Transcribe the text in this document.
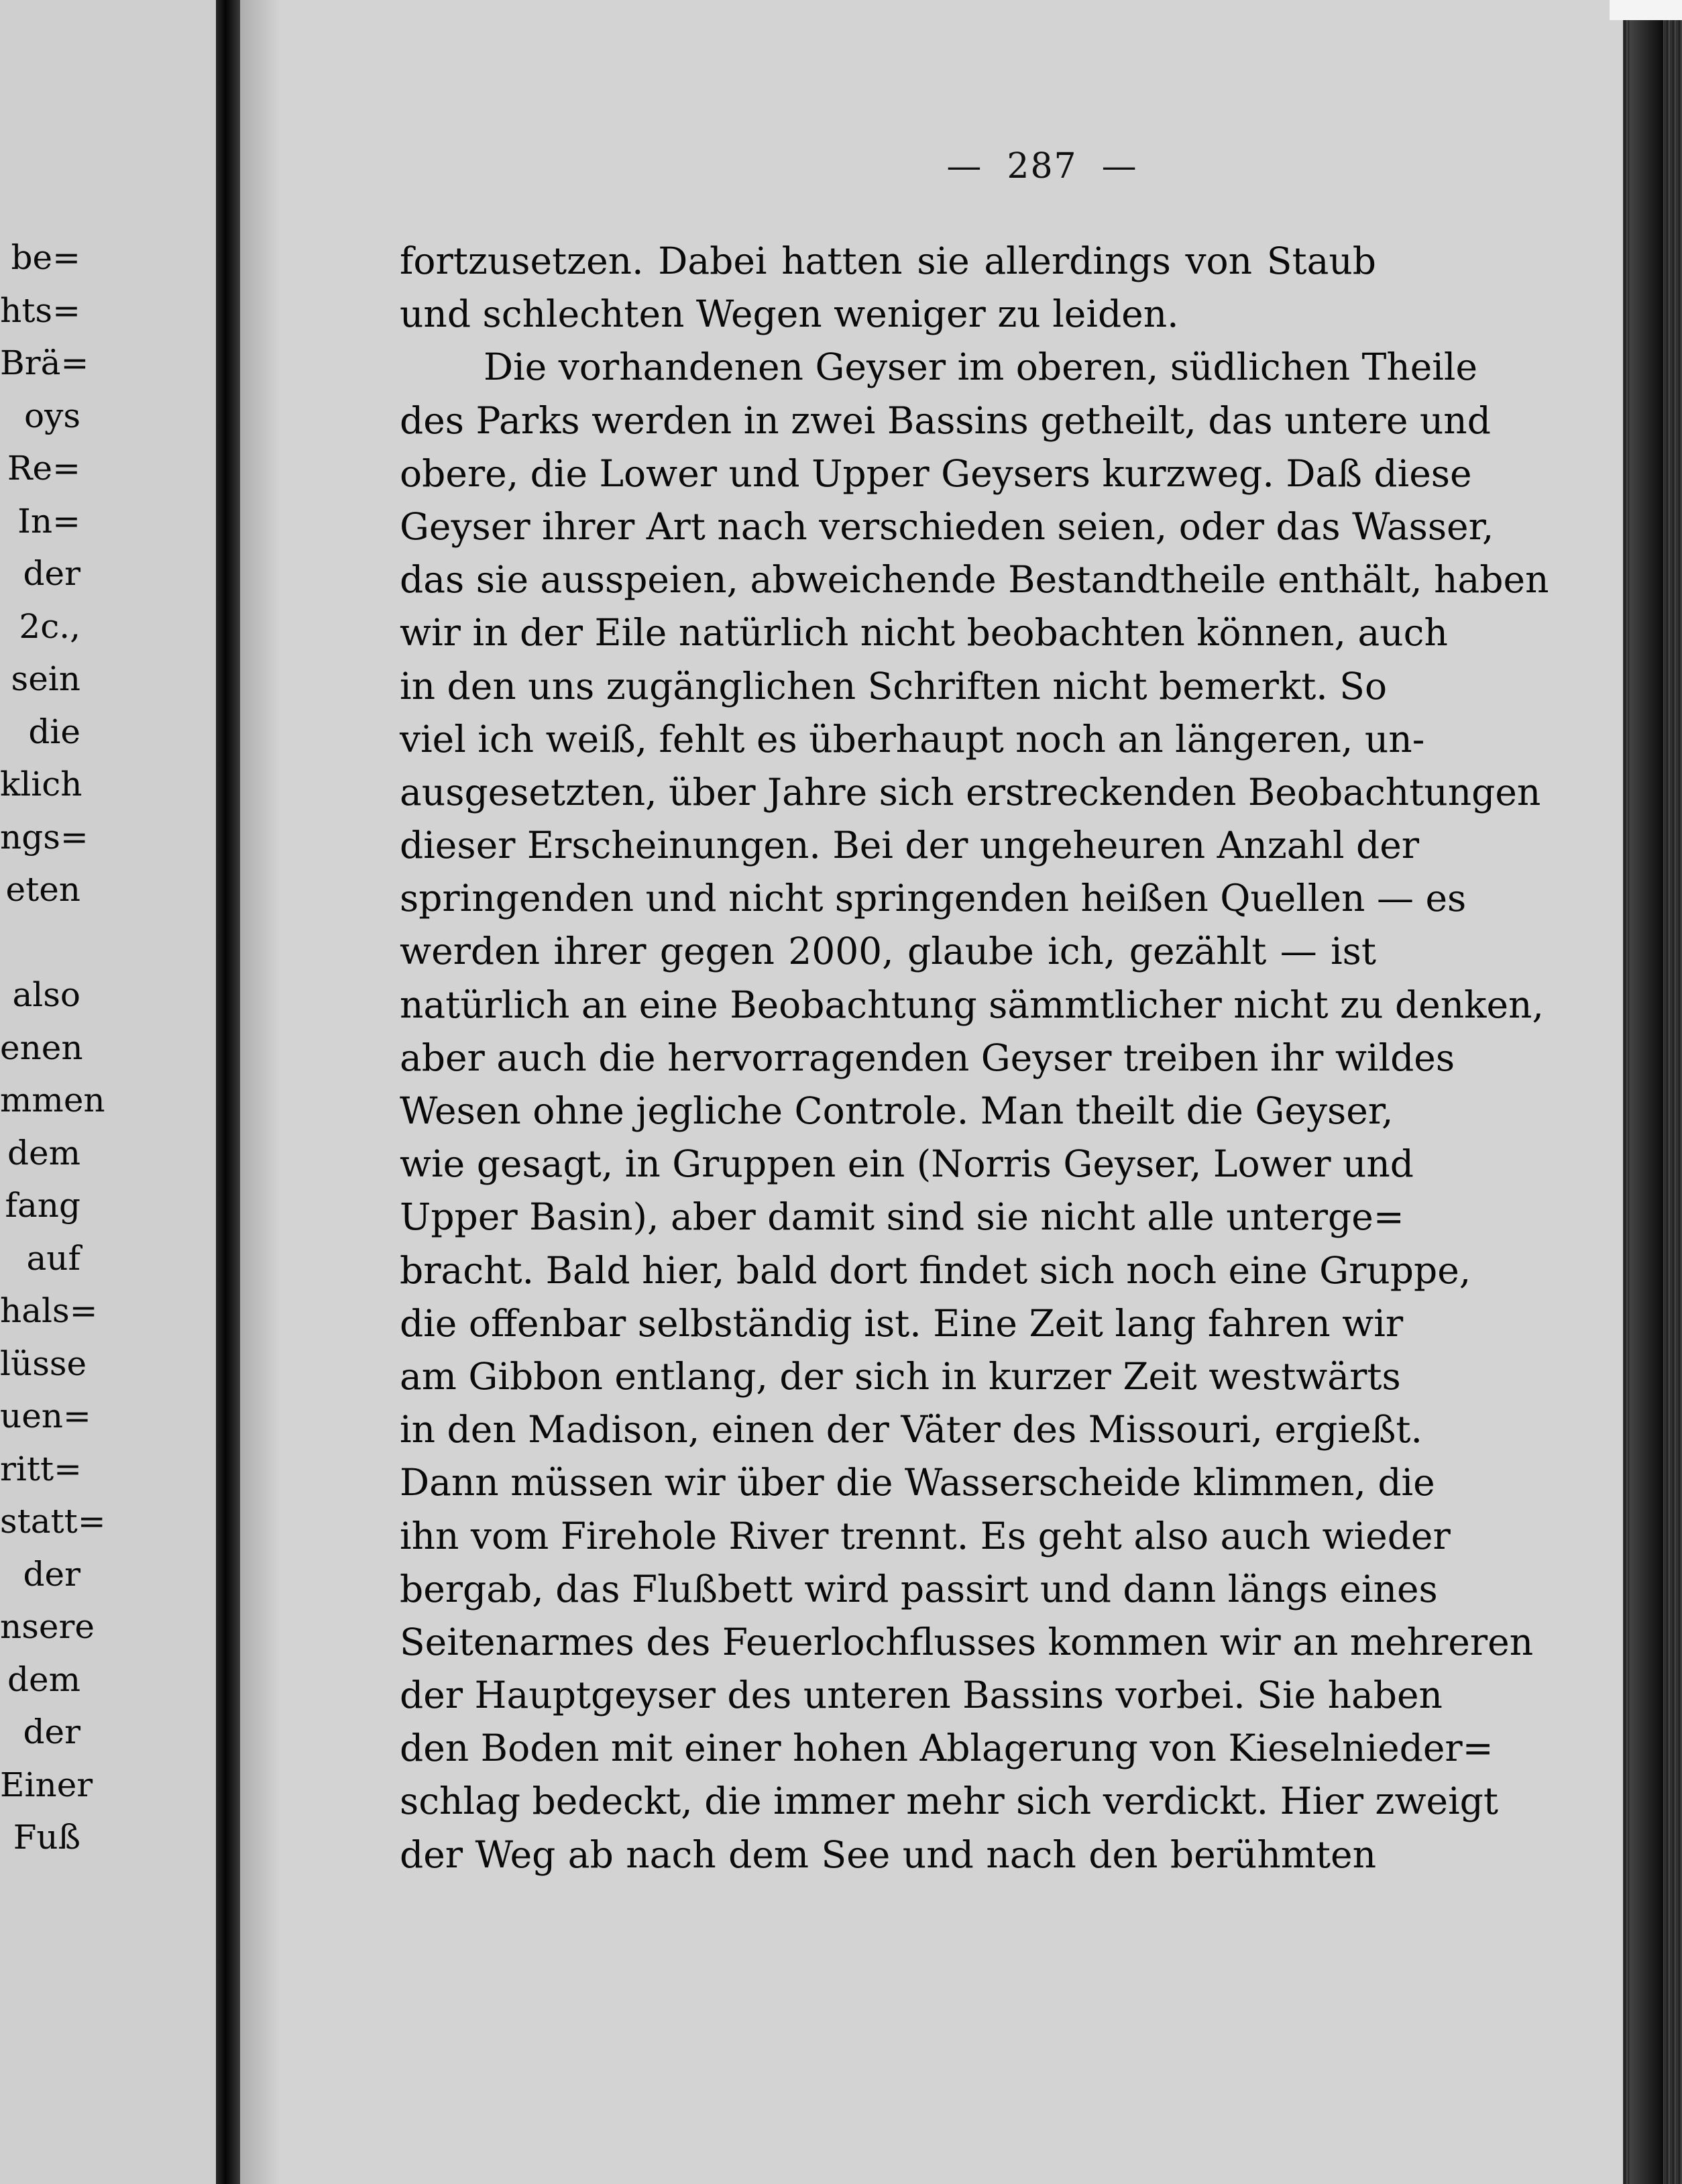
be=
hts=
Brä=
oys
Re=
In=
der
2c.,
sein
die
klich
ngs=
eten
also
enen
mmen
dem
fang
auf
hals=
lüsse
uen=
ritt=
statt=
der
nsere
dem
der
Einer
Fuß
— 287 —
fortzusetzen. Dabei hatten sie allerdings von Staub
und schlechten Wegen weniger zu leiden.
Die vorhandenen Geyser im oberen, südlichen Theile
des Parks werden in zwei Bassins getheilt, das untere und
obere, die Lower und Upper Geysers kurzweg. Daß diese
Geyser ihrer Art nach verschieden seien, oder das Wasser,
das sie ausspeien, abweichende Bestandtheile enthält, haben
wir in der Eile natürlich nicht beobachten können, auch
in den uns zugänglichen Schriften nicht bemerkt. So
viel ich weiß, fehlt es überhaupt noch an längeren, un-
ausgesetzten, über Jahre sich erstreckenden Beobachtungen
dieser Erscheinungen. Bei der ungeheuren Anzahl der
springenden und nicht springenden heißen Quellen — es
werden ihrer gegen 2000, glaube ich, gezählt — ist
natürlich an eine Beobachtung sämmtlicher nicht zu denken,
aber auch die hervorragenden Geyser treiben ihr wildes
Wesen ohne jegliche Controle. Man theilt die Geyser,
wie gesagt, in Gruppen ein (Norris Geyser, Lower und
Upper Basin), aber damit sind sie nicht alle unterge=
bracht. Bald hier, bald dort findet sich noch eine Gruppe,
die offenbar selbständig ist. Eine Zeit lang fahren wir
am Gibbon entlang, der sich in kurzer Zeit westwärts
in den Madison, einen der Väter des Missouri, ergießt.
Dann müssen wir über die Wasserscheide klimmen, die
ihn vom Firehole River trennt. Es geht also auch wieder
bergab, das Flußbett wird passirt und dann längs eines
Seitenarmes des Feuerlochflusses kommen wir an mehreren
der Hauptgeyser des unteren Bassins vorbei. Sie haben
den Boden mit einer hohen Ablagerung von Kieselnieder=
schlag bedeckt, die immer mehr sich verdickt. Hier zweigt
der Weg ab nach dem See und nach den berühmten
